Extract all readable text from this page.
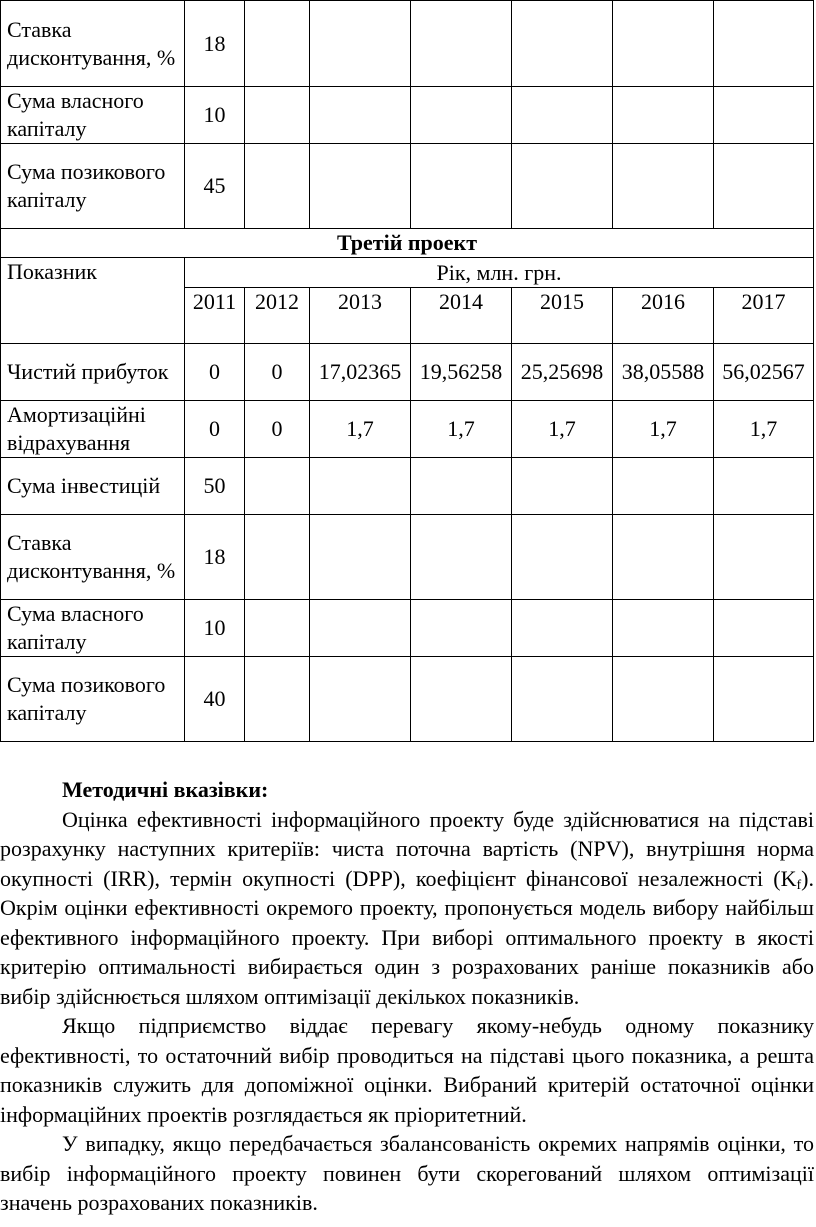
Ставка дисконтування, %	18						
Сума власного капіталу	10						
Сума позикового капіталу	45						
Третій проект							
Показник	Рік, млн. грн.						
	2011	2012	2013	2014	2015	2016	2017
Чистий прибуток	0	0	17,02365	19,56258	25,25698	38,05588	56,02567
Амортизаційні відрахування	0	0	1,7	1,7	1,7	1,7	1,7
Сума інвестицій	50						
Ставка дисконтування, %	18						
Сума власного капіталу	10						
Сума позикового капіталу	40						

Методичні вказівки:

Оцінка ефективності інформаційного проекту буде здійснюватися на підставі розрахунку наступних критеріїв: чиста поточна вартість (NPV), внутрішня норма окупності (IRR), термін окупності (DPP), коефіцієнт фінансової незалежності $(K_f)$. Окрім оцінки ефективності окремого проекту, пропонується модель вибору найбільш ефективного інформаційного проекту. При виборі оптимального проекту в якості критерію оптимальності вибирається один з розрахованих раніше показників або вибір здійснюється шляхом оптимізації декількох показників.

Якщо підприємство віддає перевагу якому-небудь одному показнику ефективності, то остаточний вибір проводиться на підставі цього показника, а решта показників служить для допоміжної оцінки. Вибраний критерій остаточної оцінки інформаційних проектів розглядається як пріоритетний.

У випадку, якщо передбачається збалансованість окремих напрямів оцінки, то вибір інформаційного проекту повинен бути скорегований шляхом оптимізації значень розрахованих показників.
